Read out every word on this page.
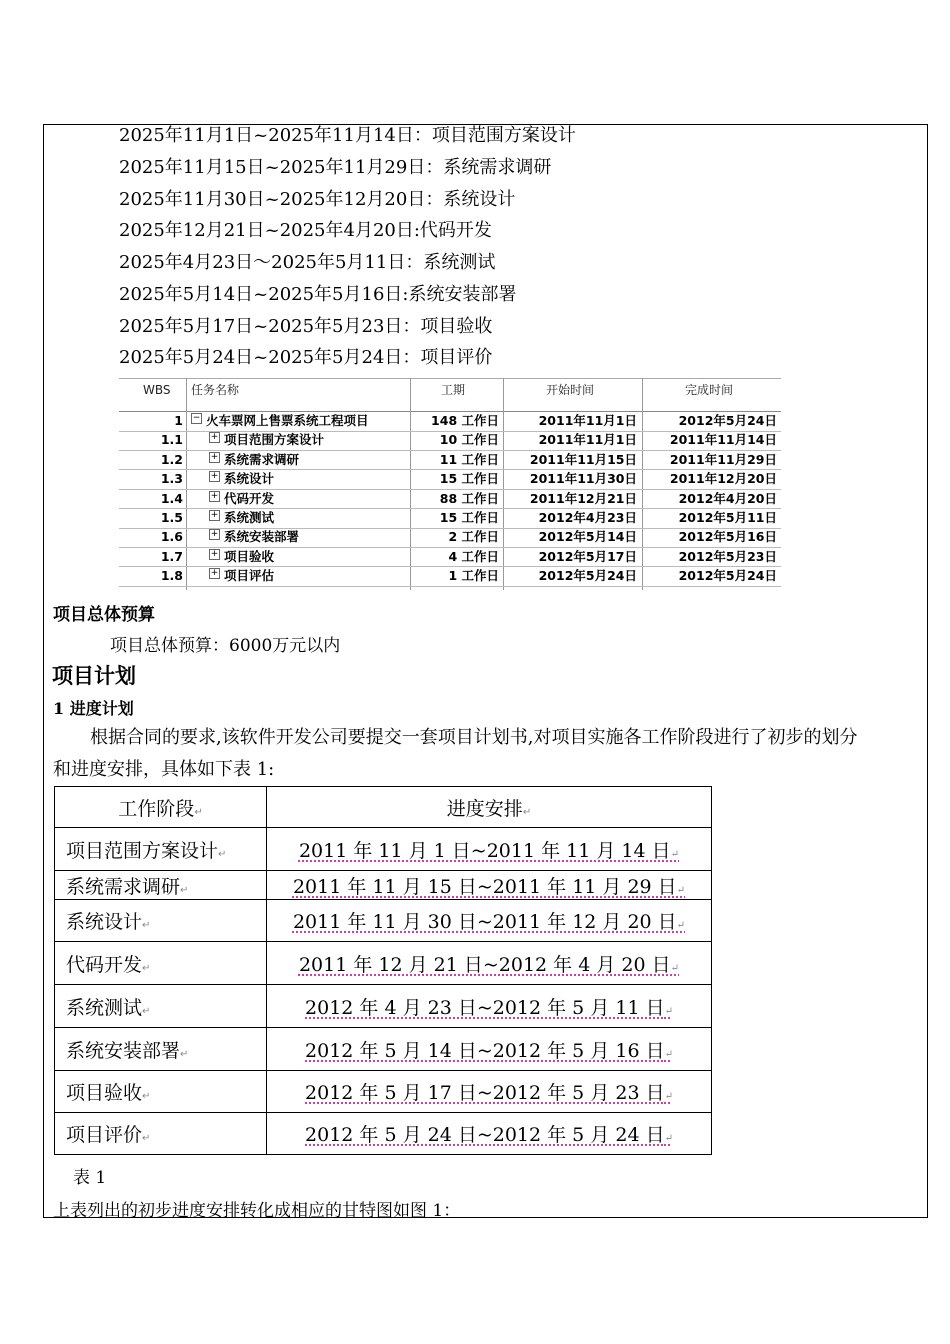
2025年11月1日~2025年11月14日：项目范围方案设计
2025年11月15日~2025年11月29日：系统需求调研
2025年11月30日~2025年12月20日：系统设计
2025年12月21日~2025年4月20日:代码开发
2025年4月23日～2025年5月11日：系统测试
2025年5月14日~2025年5月16日:系统安装部署
2025年5月17日~2025年5月23日：项目验收
2025年5月24日~2025年5月24日：项目评价
WBS 任务名称	工期	开始时间	完成时间
1 − 火车票网上售票系统工程项目	148 工作日	2011年11月1日	2012年5月24日
1.1	+ 项目范围方案设计	10 工作日	2011年11月1日	2011年11月14日
1.2	+ 系统需求调研	11 工作日	2011年11月15日	2011年11月29日
1.3	+ 系统设计	15 工作日	2011年11月30日	2011年12月20日
1.4	+ 代码开发	88 工作日	2011年12月21日	2012年4月20日
1.5	+ 系统测试	15 工作日	2012年4月23日	2012年5月11日
1.6	+ 系统安装部署	2 工作日	2012年5月14日	2012年5月16日
1.7	+ 项目验收	4 工作日	2012年5月17日	2012年5月23日
1.8	+ 项目评估	1 工作日	2012年5月24日	2012年5月24日
项目总体预算
项目总体预算：6000万元以内
项目计划
1 进度计划
根据合同的要求,该软件开发公司要提交一套项目计划书,对项目实施各工作阶段进行了初步的划分
和进度安排，具体如下表 1:
工作阶段↵	进度安排↵
项目范围方案设计↵	2011 年 11 月 1 日~2011 年 11 月 14 日↵
系统需求调研↵	2011 年 11 月 15 日~2011 年 11 月 29 日↵
系统设计↵	2011 年 11 月 30 日~2011 年 12 月 20 日↵
代码开发↵	2011 年 12 月 21 日~2012 年 4 月 20 日↵
系统测试↵	2012 年 4 月 23 日~2012 年 5 月 11 日↵
系统安装部署↵	2012 年 5 月 14 日~2012 年 5 月 16 日↵
项目验收↵	2012 年 5 月 17 日~2012 年 5 月 23 日↵
项目评价↵	2012 年 5 月 24 日~2012 年 5 月 24 日↵
表 1
上表列出的初步进度安排转化成相应的甘特图如图 1：
